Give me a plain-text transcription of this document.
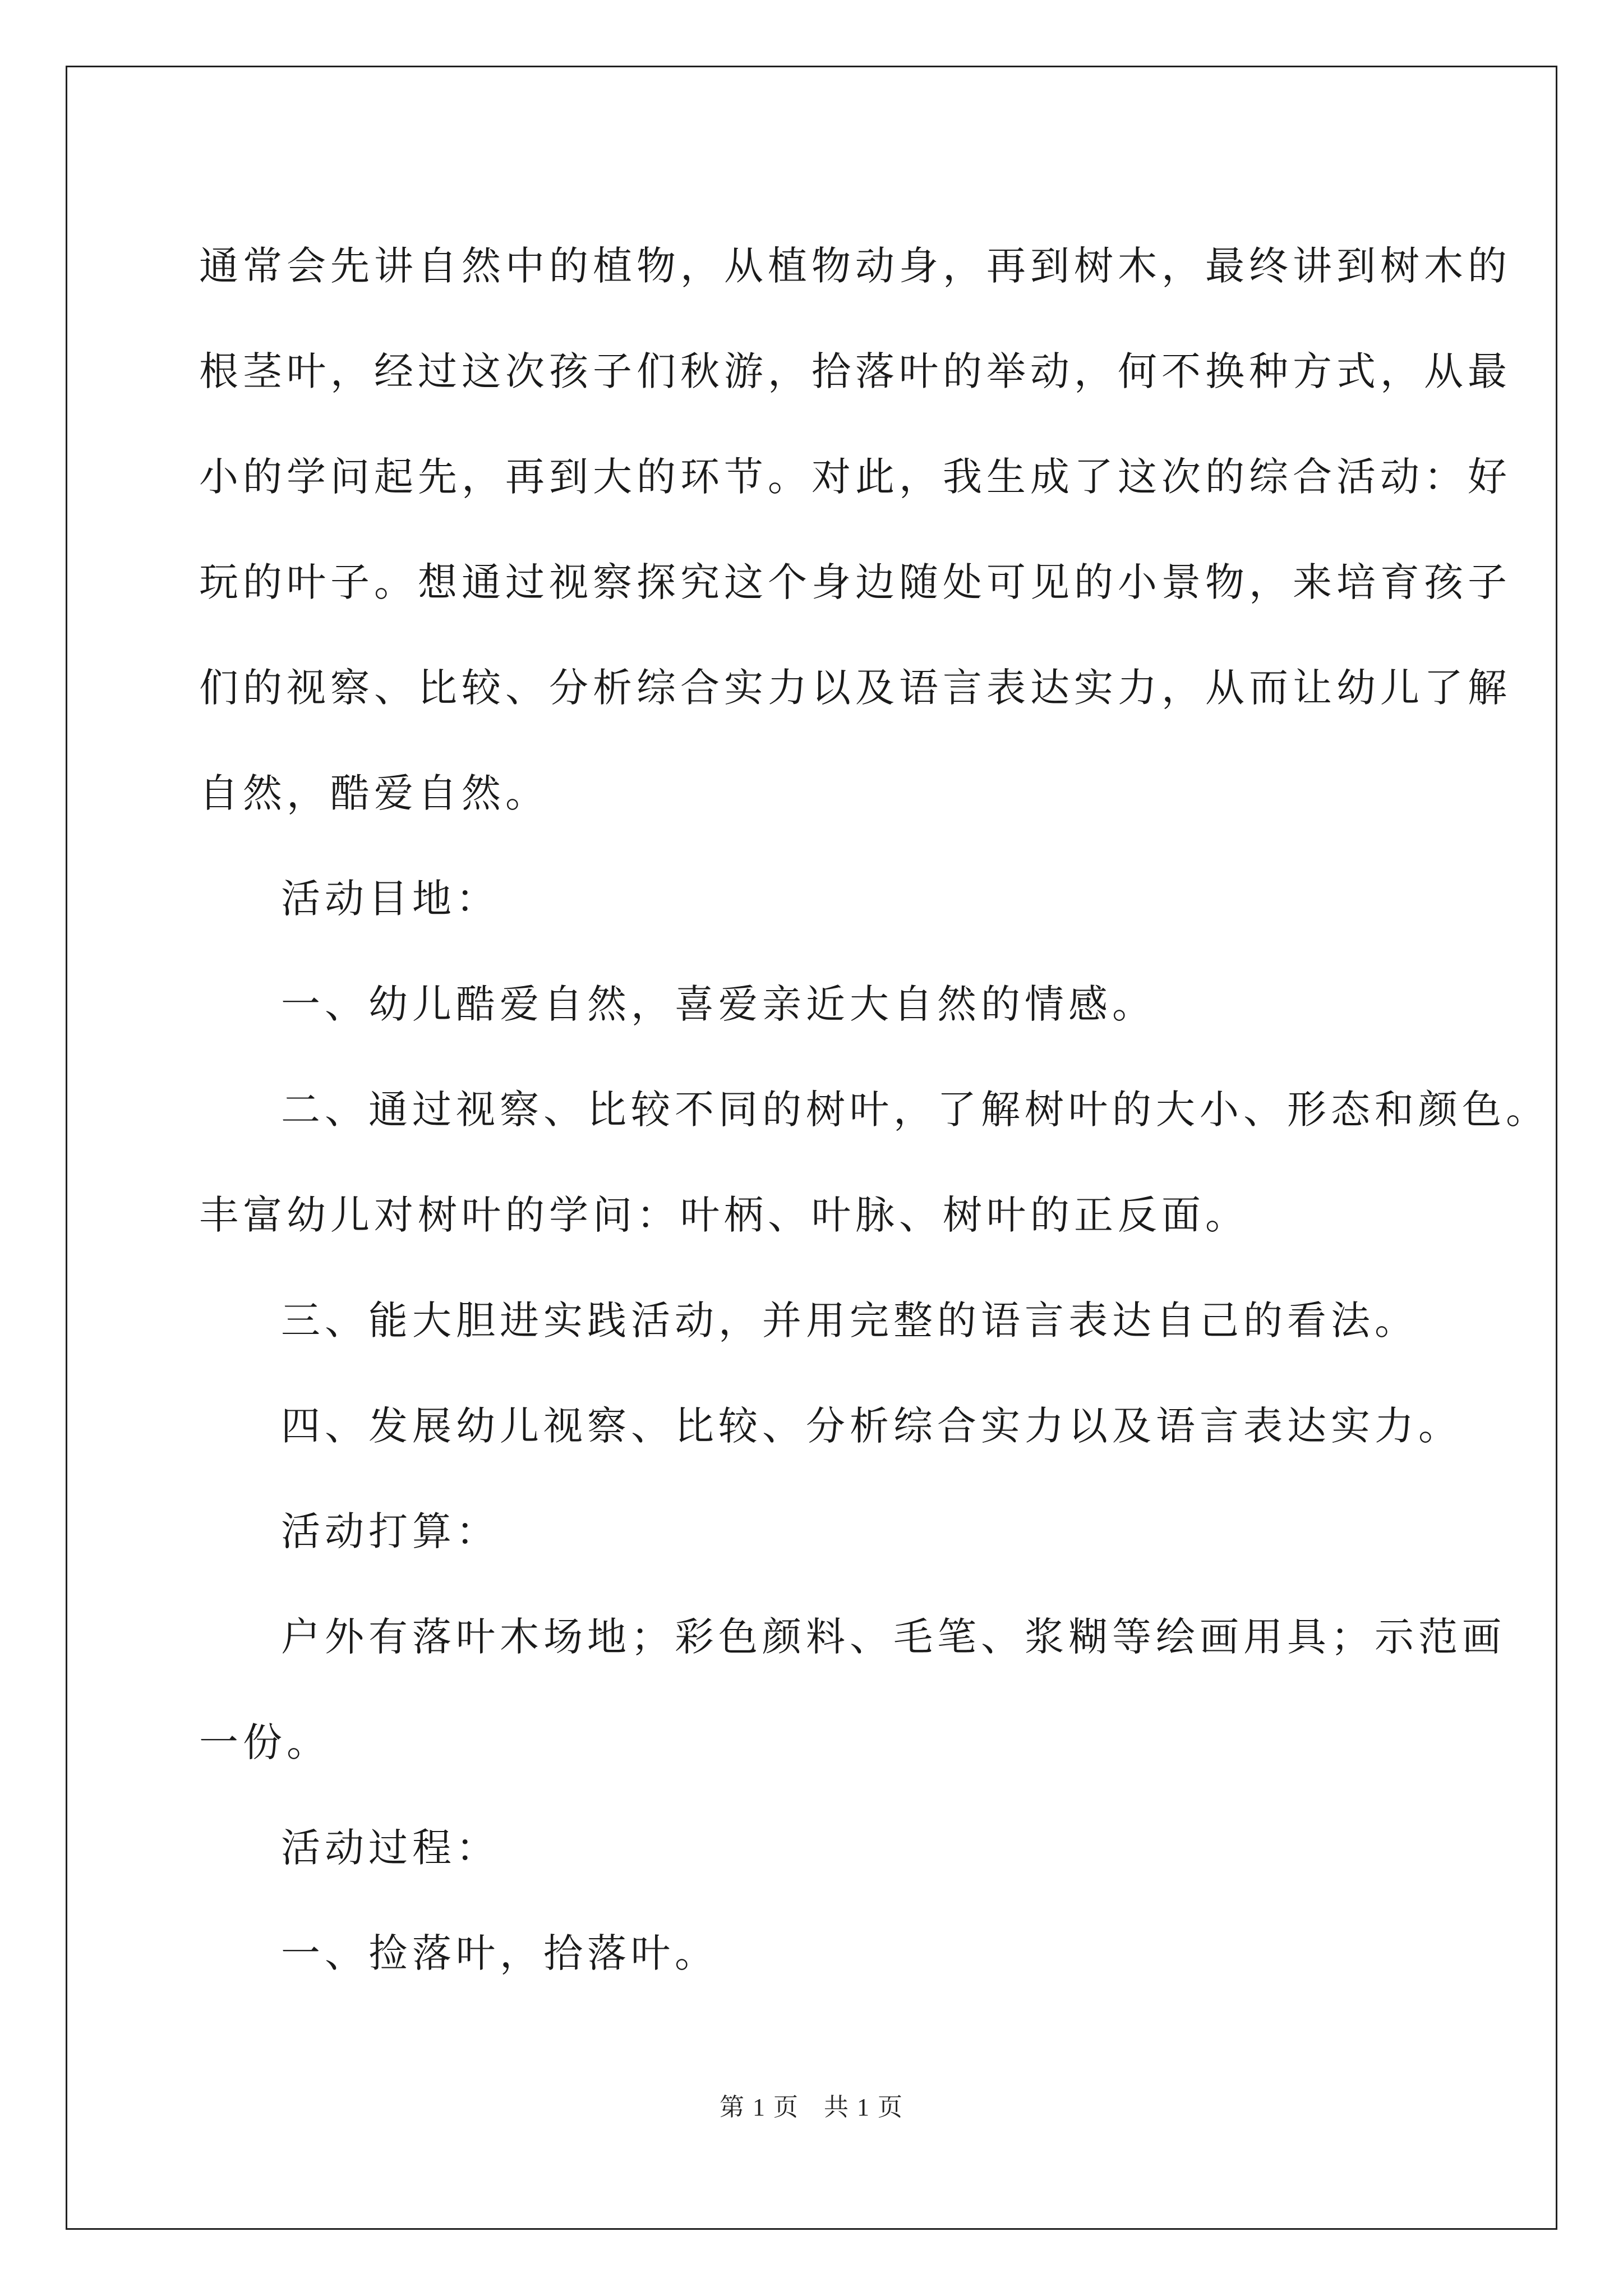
通常会先讲自然中的植物，从植物动身，再到树木，最终讲到树木的

根茎叶，经过这次孩子们秋游，拾落叶的举动，何不换种方式，从最

小的学问起先，再到大的环节。对此，我生成了这次的综合活动：好

玩的叶子。想通过视察探究这个身边随处可见的小景物，来培育孩子

们的视察、比较、分析综合实力以及语言表达实力，从而让幼儿了解

自然，酷爱自然。

活动目地：

一、幼儿酷爱自然，喜爱亲近大自然的情感。

二、通过视察、比较不同的树叶，了解树叶的大小、形态和颜色。

丰富幼儿对树叶的学问：叶柄、叶脉、树叶的正反面。

三、能大胆进实践活动，并用完整的语言表达自己的看法。

四、发展幼儿视察、比较、分析综合实力以及语言表达实力。

活动打算：

户外有落叶木场地；彩色颜料、毛笔、浆糊等绘画用具；示范画

一份。

活动过程：

一、捡落叶，拾落叶。

第 1 页 共 1 页
